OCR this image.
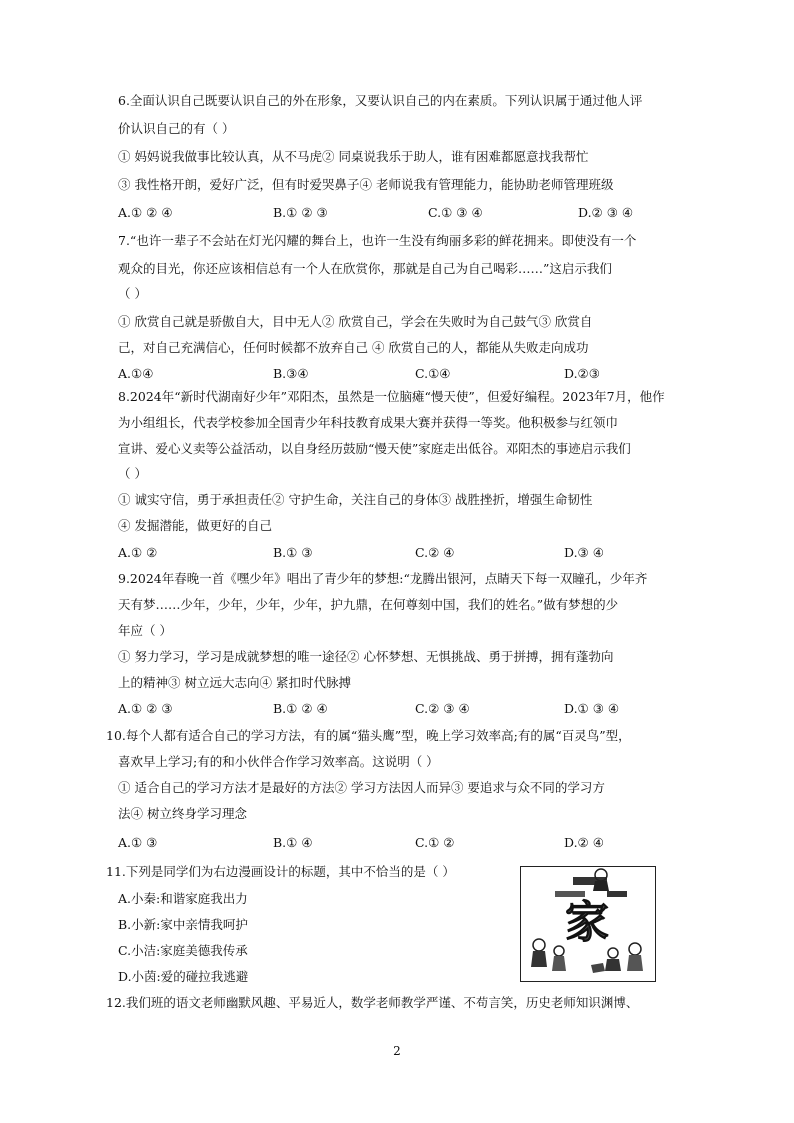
6.全面认识自己既要认识自己的外在形象，又要认识自己的内在素质。下列认识属于通过他人评
价认识自己的有（ ）
① 妈妈说我做事比较认真，从不马虎② 同桌说我乐于助人，谁有困难都愿意找我帮忙
③ 我性格开朗，爱好广泛，但有时爱哭鼻子④ 老师说我有管理能力，能协助老师管理班级
A.① ② ④	B.① ② ③	C.① ③ ④	D.② ③ ④
7.“也许一辈子不会站在灯光闪耀的舞台上，也许一生没有绚丽多彩的鲜花拥来。即使没有一个
观众的目光，你还应该相信总有一个人在欣赏你，那就是自己为自己喝彩……”这启示我们
（ ）
① 欣赏自己就是骄傲自大，目中无人② 欣赏自己，学会在失败时为自己鼓气③ 欣赏自
己，对自己充满信心，任何时候都不放弃自己 ④ 欣赏自己的人，都能从失败走向成功
A.①④	B.③④	C.①④	D.②③
8.2024年“新时代湖南好少年”邓阳杰，虽然是一位脑瘫“慢天使”，但爱好编程。2023年7月，他作
为小组组长，代表学校参加全国青少年科技教育成果大赛并获得一等奖。他积极参与红领巾
宣讲、爱心义卖等公益活动，以自身经历鼓励“慢天使”家庭走出低谷。邓阳杰的事迹启示我们
（ ）
① 诚实守信，勇于承担责任② 守护生命，关注自己的身体③ 战胜挫折，增强生命韧性
④ 发掘潜能，做更好的自己
A.① ②	B.① ③	C.② ④	D.③ ④
9.2024年春晚一首《嘿少年》唱出了青少年的梦想:“龙腾出银河，点睛天下每一双瞳孔，少年齐
天有梦……少年，少年，少年，少年，护九鼎，在何尊刻中国，我们的姓名。”做有梦想的少
年应（ ）
① 努力学习，学习是成就梦想的唯一途径② 心怀梦想、无惧挑战、勇于拼搏，拥有蓬勃向
上的精神③ 树立远大志向④ 紧扣时代脉搏
A.① ② ③	B.① ② ④	C.② ③ ④	D.① ③ ④
10.每个人都有适合自己的学习方法，有的属“猫头鹰”型，晚上学习效率高;有的属“百灵鸟”型，
喜欢早上学习;有的和小伙伴合作学习效率高。这说明（ ）
① 适合自己的学习方法才是最好的方法② 学习方法因人而异③ 要追求与众不同的学习方
法④ 树立终身学习理念
A.① ③	B.① ④	C.① ②	D.② ④
11.下列是同学们为右边漫画设计的标题，其中不恰当的是（ ）
A.小秦:和谐家庭我出力
B.小新:家中亲情我呵护
C.小洁:家庭美德我传承
D.小茵:爱的碰拉我逃避
家
12.我们班的语文老师幽默风趣、平易近人，数学老师教学严谨、不苟言笑，历史老师知识渊博、
2
